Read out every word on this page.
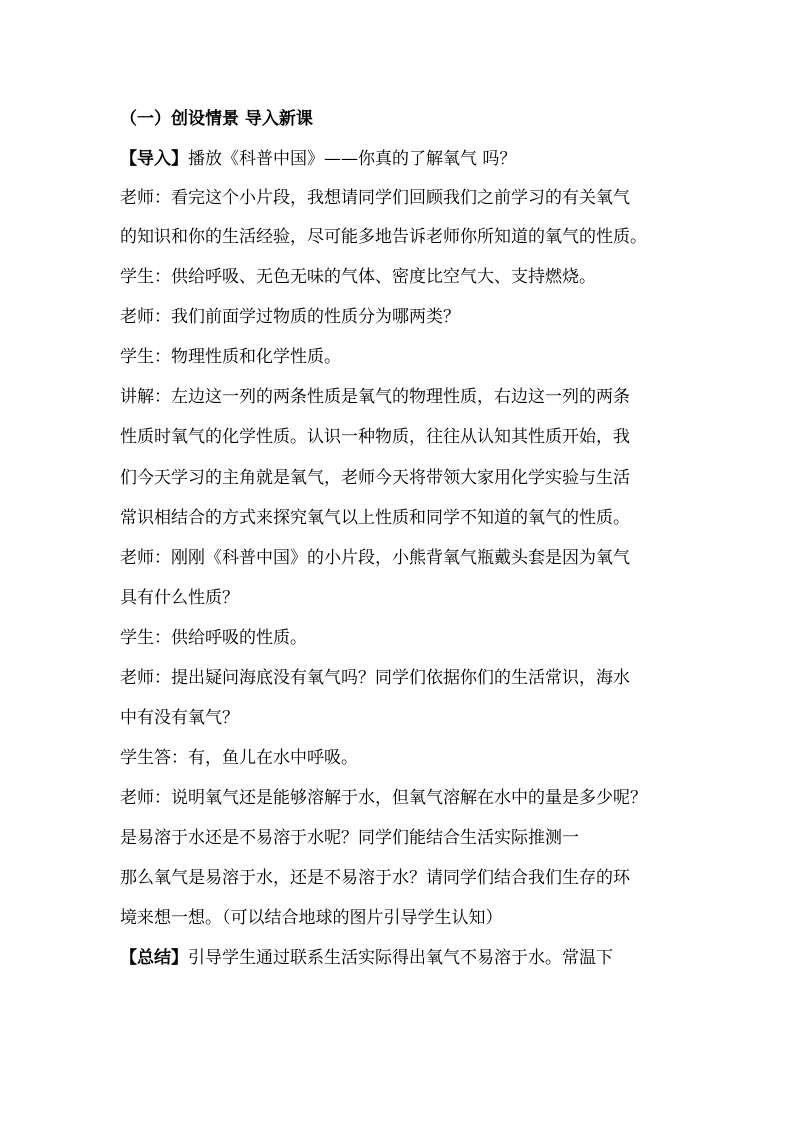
（一）创设情景 导入新课
【导入】播放《科普中国》——你真的了解氧气 吗？
老师：看完这个小片段，我想请同学们回顾我们之前学习的有关氧气
的知识和你的生活经验，尽可能多地告诉老师你所知道的氧气的性质。
学生：供给呼吸、无色无味的气体、密度比空气大、支持燃烧。
老师：我们前面学过物质的性质分为哪两类？
学生：物理性质和化学性质。
讲解：左边这一列的两条性质是氧气的物理性质，右边这一列的两条
性质时氧气的化学性质。认识一种物质，往往从认知其性质开始，我
们今天学习的主角就是氧气，老师今天将带领大家用化学实验与生活
常识相结合的方式来探究氧气以上性质和同学不知道的氧气的性质。
老师：刚刚《科普中国》的小片段，小熊背氧气瓶戴头套是因为氧气
具有什么性质？
学生：供给呼吸的性质。
老师：提出疑问海底没有氧气吗？同学们依据你们的生活常识，海水
中有没有氧气？
学生答：有，鱼儿在水中呼吸。
老师：说明氧气还是能够溶解于水，但氧气溶解在水中的量是多少呢？
是易溶于水还是不易溶于水呢？同学们能结合生活实际推测一
那么氧气是易溶于水，还是不易溶于水？请同学们结合我们生存的环
境来想一想。（可以结合地球的图片引导学生认知）
【总结】引导学生通过联系生活实际得出氧气不易溶于水。常温下
